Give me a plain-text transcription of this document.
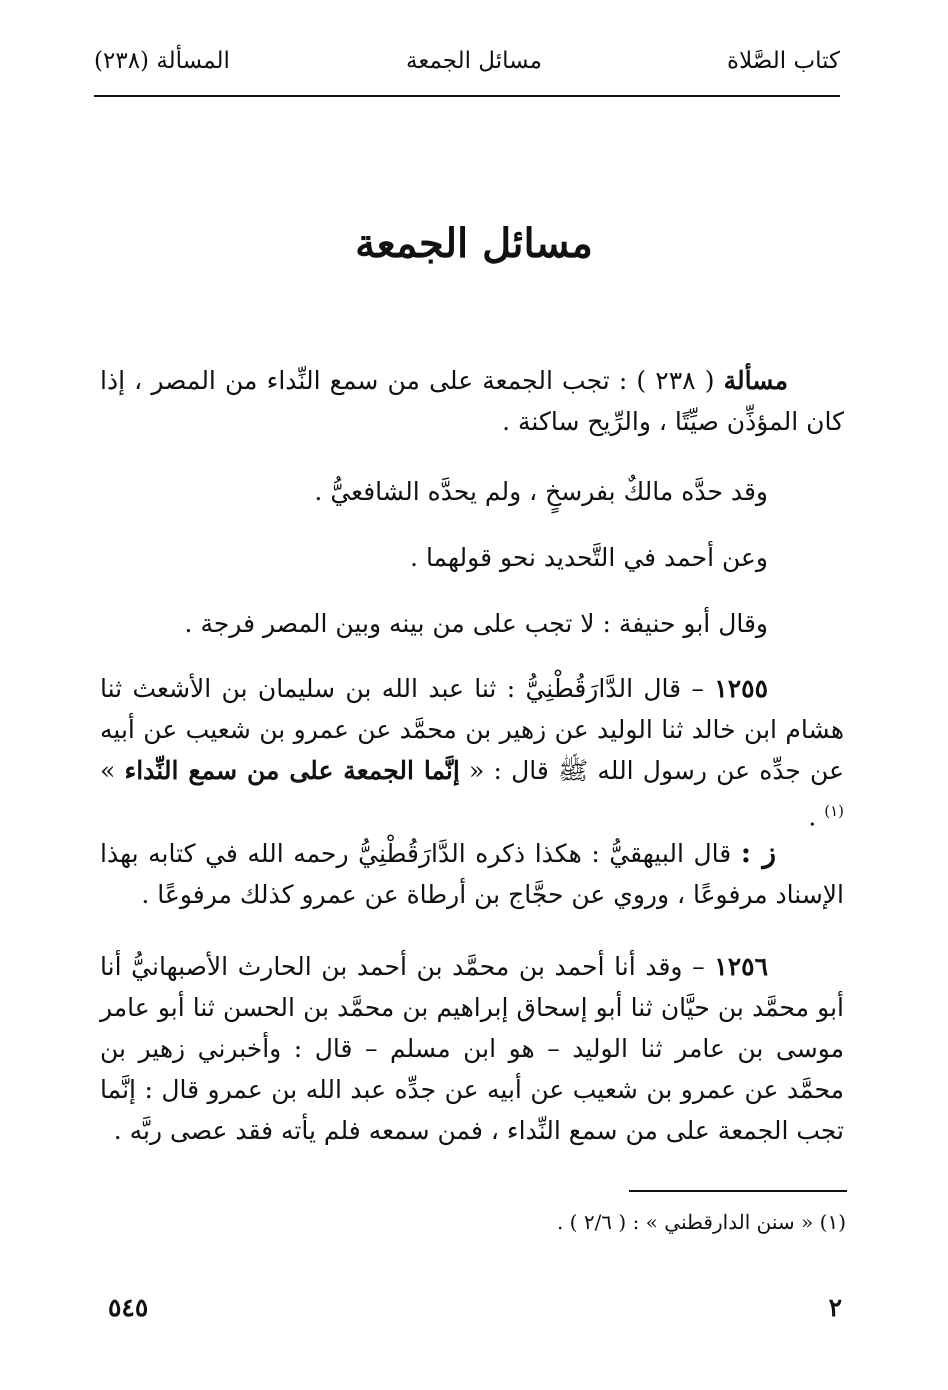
كتاب الصَّلاة
مسائل الجمعة
المسألة (٢٣٨)
مسائل الجمعة
مسألة ( ٢٣٨ ) : تجب الجمعة على من سمع النِّداء من المصر ، إذا كان المؤذِّن صيِّتًا ، والرِّيح ساكنة .
وقد حدَّه مالكٌ بفرسخٍ ، ولم يحدَّه الشافعيُّ .
وعن أحمد في التَّحديد نحو قولهما .
وقال أبو حنيفة : لا تجب على من بينه وبين المصر فرجة .
١٢٥٥ – قال الدَّارَقُطْنِيُّ : ثنا عبد الله بن سليمان بن الأشعث ثنا هشام ابن خالد ثنا الوليد عن زهير بن محمَّد عن عمرو بن شعيب عن أبيه عن جدِّه عن رسول الله ﷺ قال : « إنَّما الجمعة على من سمع النِّداء » $^{(١)}$ .
ز : قال البيهقيُّ : هكذا ذكره الدَّارَقُطْنِيُّ رحمه الله في كتابه بهذا الإسناد مرفوعًا ، وروي عن حجَّاج بن أرطاة عن عمرو كذلك مرفوعًا .
١٢٥٦ – وقد أنا أحمد بن محمَّد بن أحمد بن الحارث الأصبهانيُّ أنا أبو محمَّد بن حيَّان ثنا أبو إسحاق إبراهيم بن محمَّد بن الحسن ثنا أبو عامر موسى بن عامر ثنا الوليد – هو ابن مسلم – قال : وأخبرني زهير بن محمَّد عن عمرو بن شعيب عن أبيه عن جدِّه عبد الله بن عمرو قال : إنَّما تجب الجمعة على من سمع النِّداء ، فمن سمعه فلم يأته فقد عصى ربَّه .
(١) « سنن الدارقطني » : ( ٢/٦ ) .
٥٤٥	٢
